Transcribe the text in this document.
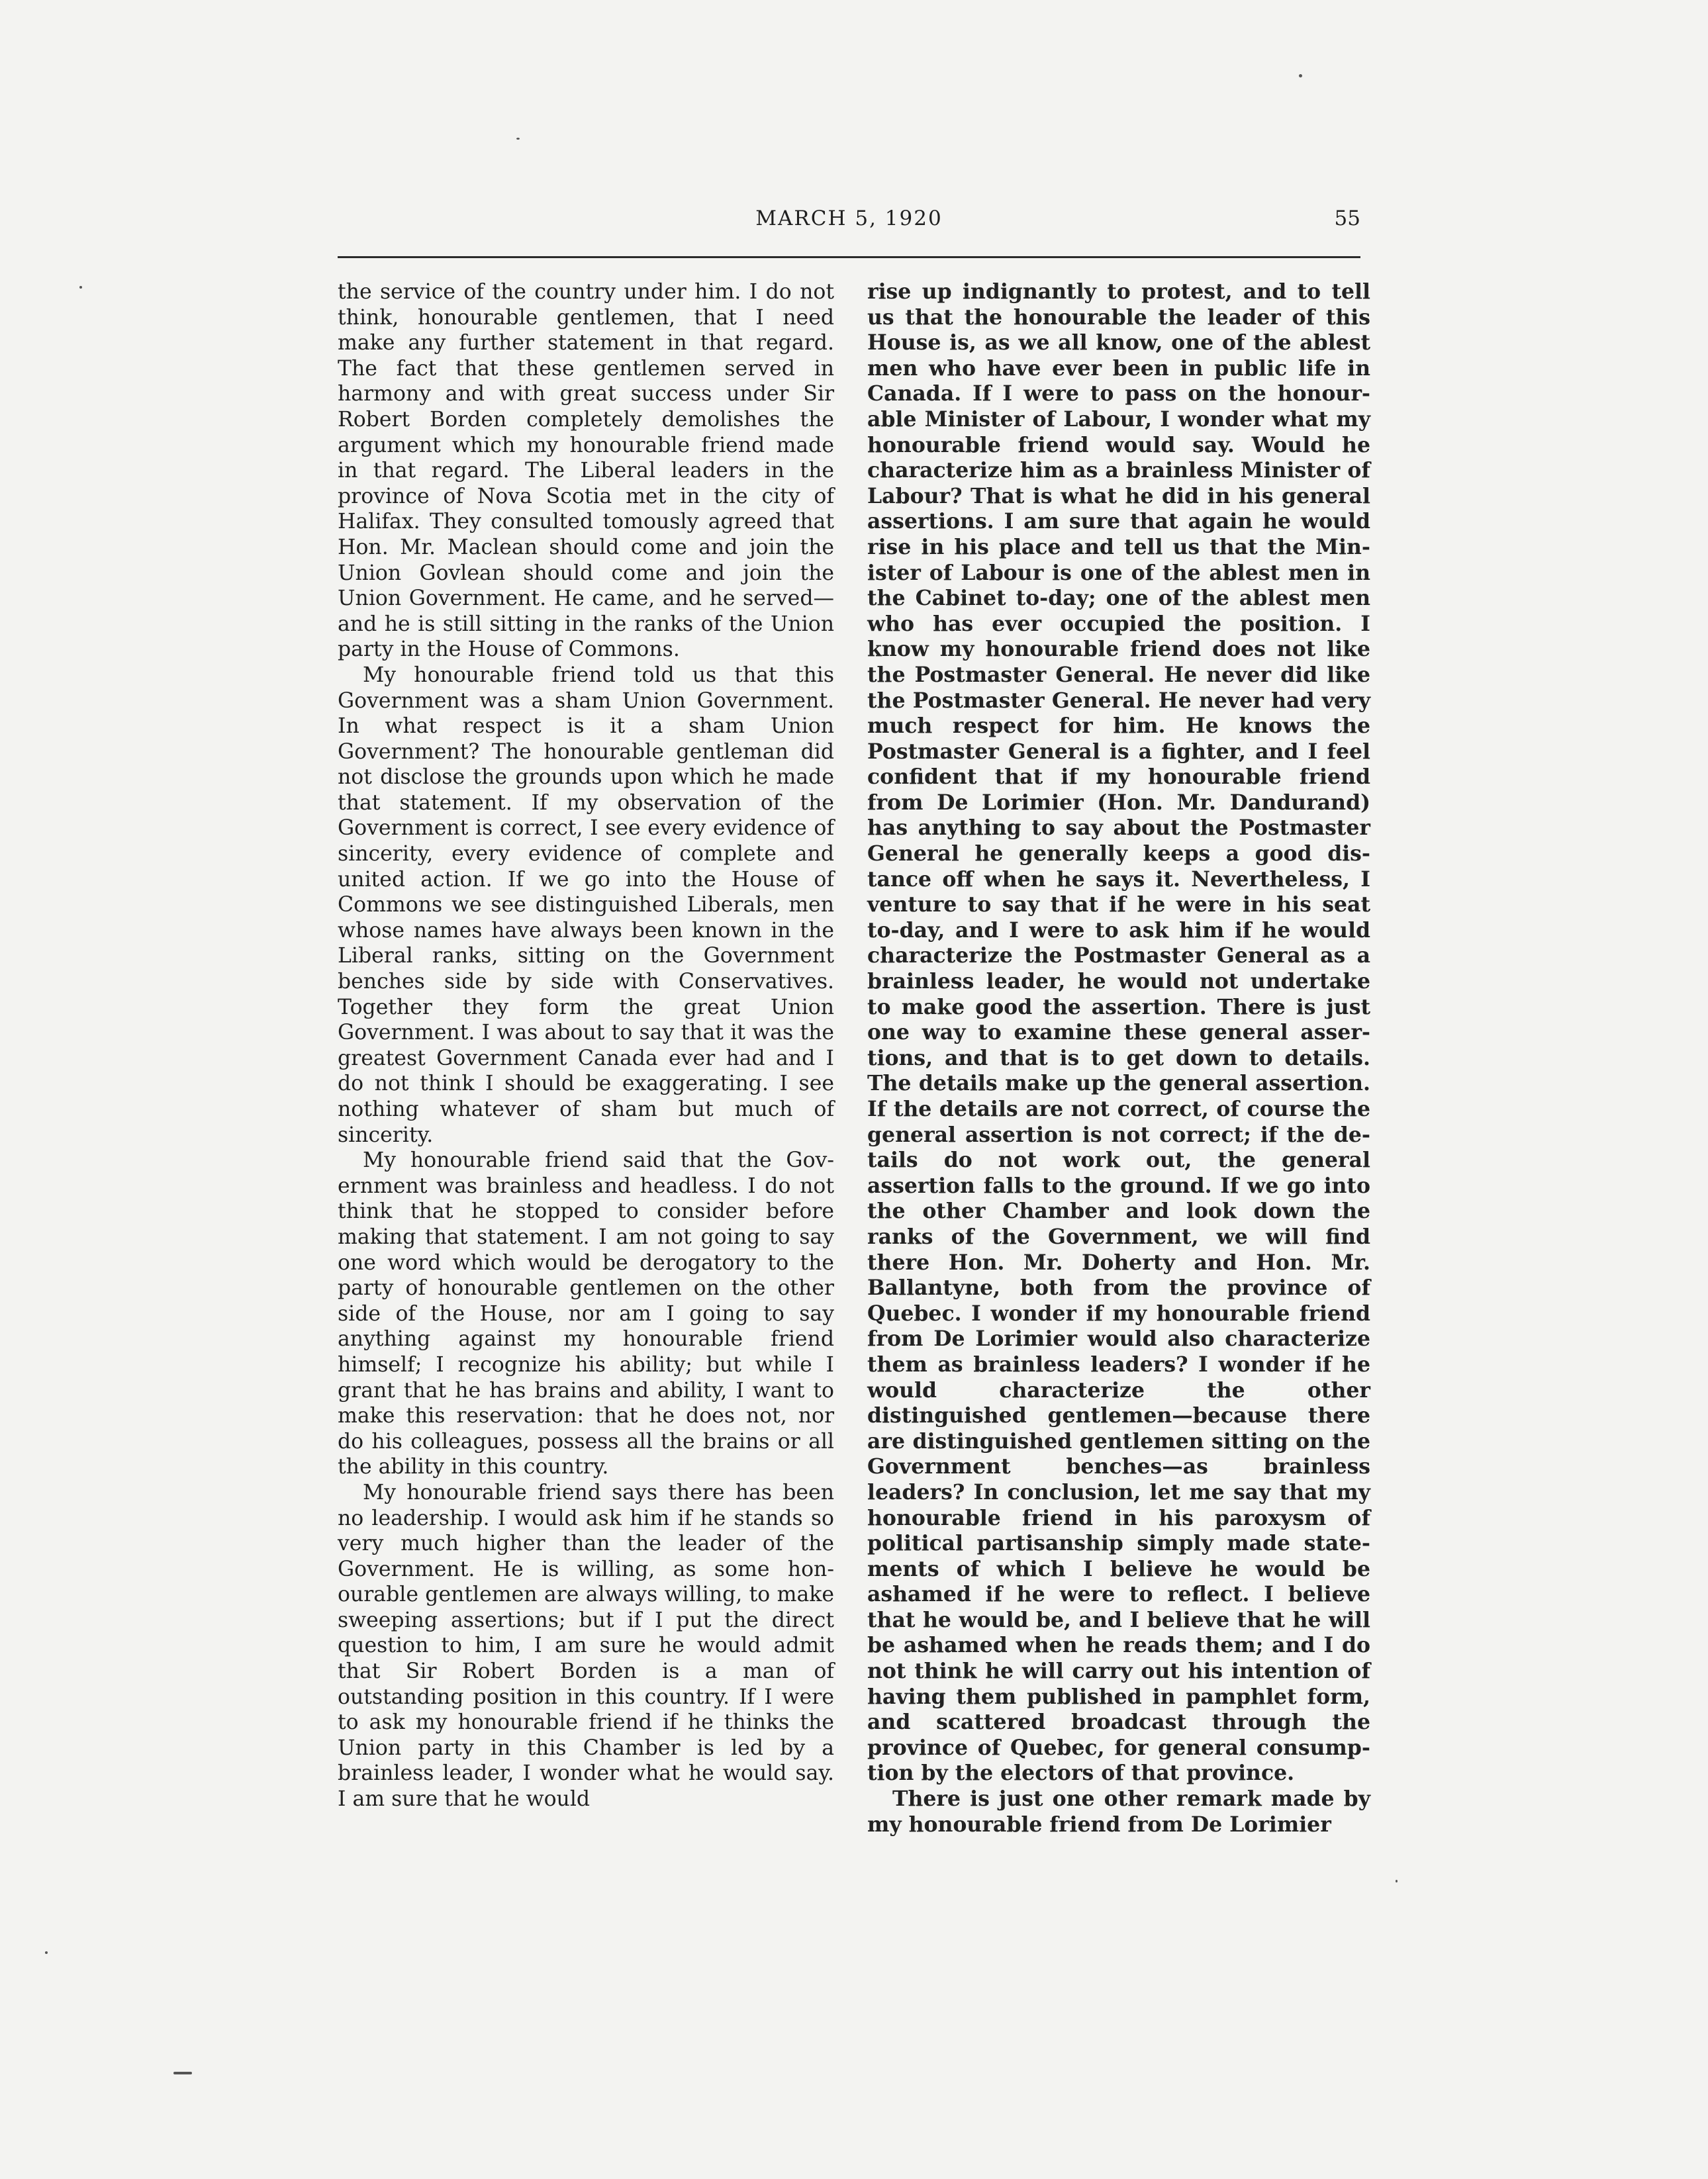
MARCH 5, 1920	55

the service of the country under him. I do not think, honourable gentlemen, that I need make any further statement in that regard. The fact that these gentlemen served in harmony and with great success under Sir Robert Borden completely demolishes the argument which my honourable friend made in that regard. The Liberal leaders in the province of Nova Scotia met in the city of Halifax. They consulted tomously agreed that Hon. Mr. Maclean should come and join the Union Govlean should come and join the Union Government. He came, and he served—and he is still sitting in the ranks of the Union party in the House of Commons.

My honourable friend told us that this Government was a sham Union Government. In what respect is it a sham Union Government? The honourable gentleman did not disclose the grounds upon which he made that statement. If my observation of the Government is correct, I see every evidence of sincerity, every evidence of complete and united action. If we go into the House of Commons we see distinguished Liberals, men whose names have always been known in the Liberal ranks, sitting on the Government benches side by side with Conservatives. Together they form the great Union Government. I was about to say that it was the greatest Government Canada ever had and I do not think I should be exaggerating. I see nothing whatever of sham but much of sincerity.

My honourable friend said that the Government was brainless and headless. I do not think that he stopped to consider before making that statement. I am not going to say one word which would be derogatory to the party of honourable gentlemen on the other side of the House, nor am I going to say anything against my honourable friend himself; I recognize his ability; but while I grant that he has brains and ability, I want to make this reservation: that he does not, nor do his colleagues, possess all the brains or all the ability in this country.

My honourable friend says there has been no leadership. I would ask him if he stands so very much higher than the leader of the Government. He is willing, as some honourable gentlemen are always willing, to make sweeping assertions; but if I put the direct question to him, I am sure he would admit that Sir Robert Borden is a man of outstanding position in this country. If I were to ask my honourable friend if he thinks the Union party in this Chamber is led by a brainless leader, I wonder what he would say. I am sure that he would

rise up indignantly to protest, and to tell us that the honourable the leader of this House is, as we all know, one of the ablest men who have ever been in public life in Canada. If I were to pass on the honourable Minister of Labour, I wonder what my honourable friend would say. Would he characterize him as a brainless Minister of Labour? That is what he did in his general assertions. I am sure that again he would rise in his place and tell us that the Minister of Labour is one of the ablest men in the Cabinet to-day; one of the ablest men who has ever occupied the position. I know my honourable friend does not like the Postmaster General. He never did like the Postmaster General. He never had very much respect for him. He knows the Postmaster General is a fighter, and I feel confident that if my honourable friend from De Lorimier (Hon. Mr. Dandurand) has anything to say about the Postmaster General he generally keeps a good distance off when he says it. Nevertheless, I venture to say that if he were in his seat to-day, and I were to ask him if he would characterize the Postmaster General as a brainless leader, he would not undertake to make good the assertion. There is just one way to examine these general assertions, and that is to get down to details. The details make up the general assertion. If the details are not correct, of course the general assertion is not correct; if the details do not work out, the general assertion falls to the ground. If we go into the other Chamber and look down the ranks of the Government, we will find there Hon. Mr. Doherty and Hon. Mr. Ballantyne, both from the province of Quebec. I wonder if my honourable friend from De Lorimier would also characterize them as brainless leaders? I wonder if he would characterize the other distinguished gentlemen—because there are distinguished gentlemen sitting on the Government benches—as brainless leaders? In conclusion, let me say that my honourable friend in his paroxysm of political partisanship simply made statements of which I believe he would be ashamed if he were to reflect. I believe that he would be, and I believe that he will be ashamed when he reads them; and I do not think he will carry out his intention of having them published in pamphlet form, and scattered broadcast through the province of Quebec, for general consumption by the electors of that province.

There is just one other remark made by my honourable friend from De Lorimier
